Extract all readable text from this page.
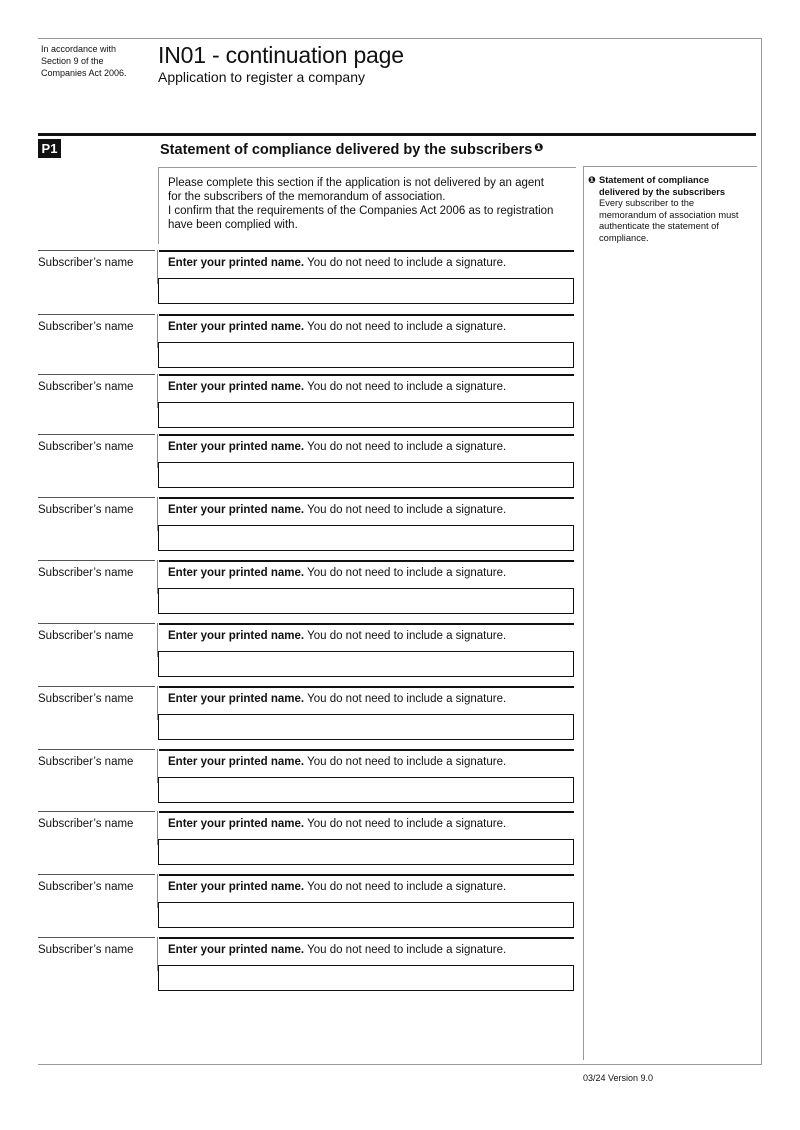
In accordance with
Section 9 of the
Companies Act 2006.
IN01 - continuation page
Application to register a company
P1	Statement of compliance delivered by the subscribers $^❶$
Please complete this section if the application is not delivered by an agent
for the subscribers of the memorandum of association.
I confirm that the requirements of the Companies Act 2006 as to registration
have been complied with.
❶ Statement of compliance
delivered by the subscribers
Every subscriber to the
memorandum of association must
authenticate the statement of
compliance.
Subscriber’s name	Enter your printed name. You do not need to include a signature.
Subscriber’s name	Enter your printed name. You do not need to include a signature.
Subscriber’s name	Enter your printed name. You do not need to include a signature.
Subscriber’s name	Enter your printed name. You do not need to include a signature.
Subscriber’s name	Enter your printed name. You do not need to include a signature.
Subscriber’s name	Enter your printed name. You do not need to include a signature.
Subscriber’s name	Enter your printed name. You do not need to include a signature.
Subscriber’s name	Enter your printed name. You do not need to include a signature.
Subscriber’s name	Enter your printed name. You do not need to include a signature.
Subscriber’s name	Enter your printed name. You do not need to include a signature.
Subscriber’s name	Enter your printed name. You do not need to include a signature.
Subscriber’s name	Enter your printed name. You do not need to include a signature.
03/24 Version 9.0
